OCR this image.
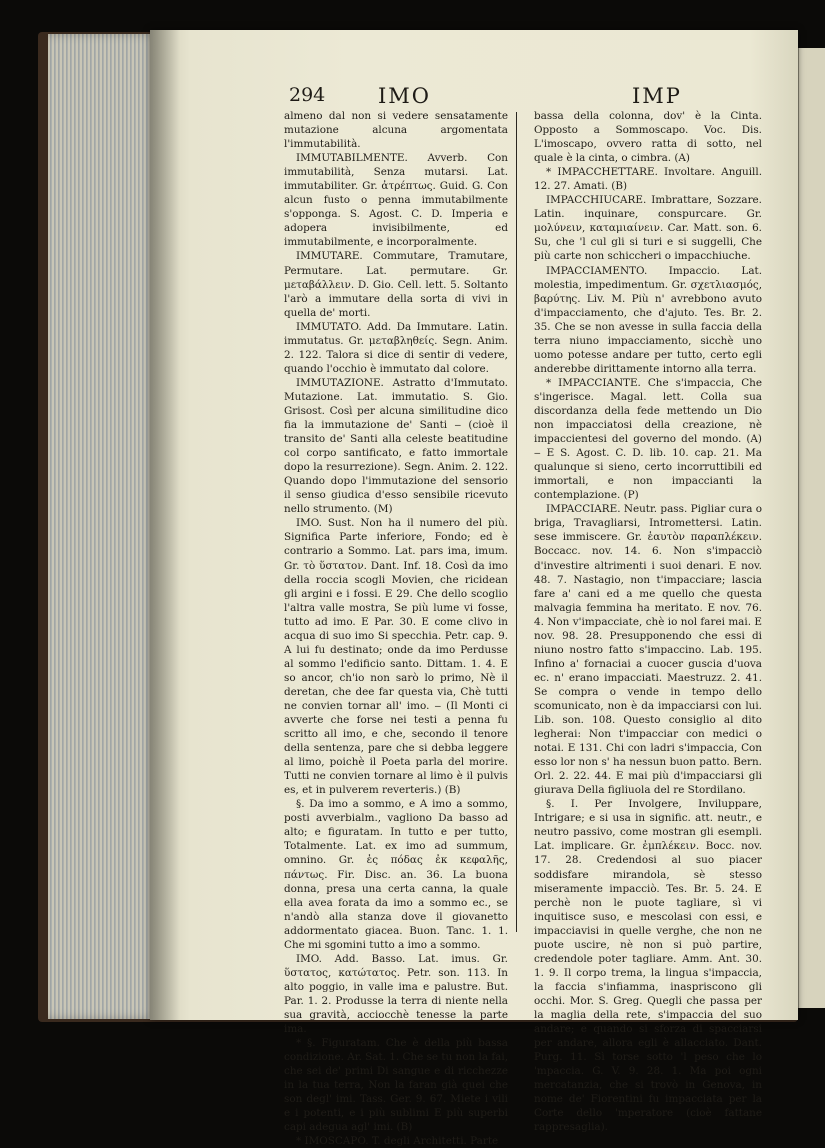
294	IMO	IMP

almeno dal non si vedere sensatamente mutazione alcuna argomentata l'immutabilità.

IMMUTABILMENTE. Avverb. Con immutabilità, Senza mutarsi. Lat. immutabiliter. Gr. ἀτρέπτως. Guid. G. Con alcun fusto o penna immutabilmente s'opponga. S. Agost. C. D. Imperia e adopera invisibilmente, ed immutabilmente, e incorporalmente.

IMMUTARE. Commutare, Tramutare, Permutare. Lat. permutare. Gr. μεταβάλλειν. D. Gio. Cell. lett. 5. Soltanto l'arò a immutare della sorta di vivi in quella de' morti.

IMMUTATO. Add. Da Immutare. Latin. immutatus. Gr. μεταβληθείς. Segn. Anim. 2. 122. Talora si dice di sentir di vedere, quando l'occhio è immutato dal colore.

IMMUTAZIONE. Astratto d'Immutato. Mutazione. Lat. immutatio. S. Gio. Grisost. Così per alcuna similitudine dico fia la immutazione de' Santi ‒ (cioè il transito de' Santi alla celeste beatitudine col corpo santificato, e fatto immortale dopo la resurrezione). Segn. Anim. 2. 122. Quando dopo l'immutazione del sensorio il senso giudica d'esso sensibile ricevuto nello strumento. (M)

IMO. Sust. Non ha il numero del più. Significa Parte inferiore, Fondo; ed è contrario a Sommo. Lat. pars ima, imum. Gr. τὸ ὕστατον. Dant. Inf. 18. Così da imo della roccia scogli Movien, che ricidean gli argini e i fossi. E 29. Che dello scoglio l'altra valle mostra, Se più lume vi fosse, tutto ad imo. E Par. 30. E come clivo in acqua di suo imo Si specchia. Petr. cap. 9. A lui fu destinato; onde da imo Perdusse al sommo l'edificio santo. Dittam. 1. 4. E so ancor, ch'io non sarò lo primo, Nè il deretan, che dee far questa via, Chè tutti ne convien tornar all' imo. ‒ (Il Monti ci avverte che forse nei testi a penna fu scritto all imo, e che, secondo il tenore della sentenza, pare che si debba leggere al limo, poichè il Poeta parla del morire. Tutti ne convien tornare al limo è il pulvis es, et in pulverem reverteris.) (B)

§. Da imo a sommo, e A imo a sommo, posti avverbialm., vagliono Da basso ad alto; e figuratam. In tutto e per tutto, Totalmente. Lat. ex imo ad summum, omnino. Gr. ἐς πόδας ἐκ κεφαλῆς, πάντως. Fir. Disc. an. 36. La buona donna, presa una certa canna, la quale ella avea forata da imo a sommo ec., se n'andò alla stanza dove il giovanetto addormentato giacea. Buon. Tanc. 1. 1. Che mi sgomini tutto a imo a sommo.

IMO. Add. Basso. Lat. imus. Gr. ὕστατος, κατώτατος. Petr. son. 113. In alto poggio, in valle ima e palustre. But. Par. 1. 2. Produsse la terra di niente nella sua gravità, acciocchè tenesse la parte ima.

* §. Figuratam. Che è della più bassa condizione. Ar. Sat. 1. Che se tu non la fai, che sei de' primi Di sangue e di ricchezze in la tua terra, Non la faran già quei che son degl' imi. Tass. Ger. 9. 67. Miete i vili e i potenti, e i più sublimi E più superbi capi adegua agl' imi. (B)

* IMOSCAPO. T. degli Architetti. Parte

bassa della colonna, dov' è la Cinta. Opposto a Sommoscapo. Voc. Dis. L'imoscapo, ovvero ratta di sotto, nel quale è la cinta, o cimbra. (A)

* IMPACCHETTARE. Involtare. Anguill. 12. 27. Amati. (B)

IMPACCHIUCARE. Imbrattare, Sozzare. Latin. inquinare, conspurcare. Gr. μολύνειν, καταμιαίνειν. Car. Matt. son. 6. Su, che 'l cul gli si turi e si suggelli, Che più carte non schiccheri o impacchiuche.

IMPACCIAMENTO. Impaccio. Lat. molestia, impedimentum. Gr. σχετλιασμός, βαρύτης. Liv. M. Più n' avrebbono avuto d'impacciamento, che d'ajuto. Tes. Br. 2. 35. Che se non avesse in sulla faccia della terra niuno impacciamento, sicchè uno uomo potesse andare per tutto, certo egli anderebbe dirittamente intorno alla terra.

* IMPACCIANTE. Che s'impaccia, Che s'ingerisce. Magal. lett. Colla sua discordanza della fede mettendo un Dio non impacciatosi della creazione, nè impaccientesi del governo del mondo. (A) ‒ E S. Agost. C. D. lib. 10. cap. 21. Ma qualunque si sieno, certo incorruttibili ed immortali, e non impaccianti la contemplazione. (P)

IMPACCIARE. Neutr. pass. Pigliar cura o briga, Travagliarsi, Intromettersi. Latin. sese immiscere. Gr. ἑαυτὸν παραπλέκειν. Boccacc. nov. 14. 6. Non s'impacciò d'investire altrimenti i suoi denari. E nov. 48. 7. Nastagio, non t'impacciare; lascia fare a' cani ed a me quello che questa malvagia femmina ha meritato. E nov. 76. 4. Non v'impacciate, chè io nol farei mai. E nov. 98. 28. Presupponendo che essi di niuno nostro fatto s'impaccino. Lab. 195. Infino a' fornaciai a cuocer guscia d'uova ec. n' erano impacciati. Maestruzz. 2. 41. Se compra o vende in tempo dello scomunicato, non è da impacciarsi con lui. Lib. son. 108. Questo consiglio al dito legherai: Non t'impacciar con medici o notai. E 131. Chi con ladri s'impaccia, Con esso lor non s' ha nessun buon patto. Bern. Orl. 2. 22. 44. E mai più d'impacciarsi gli giurava Della figliuola del re Stordilano.

§. I. Per Involgere, Inviluppare, Intrigare; e si usa in signific. att. neutr., e neutro passivo, come mostran gli esempli. Lat. implicare. Gr. ἐμπλέκειν. Bocc. nov. 17. 28. Credendosi al suo piacer soddisfare mirandola, sè stesso miseramente impacciò. Tes. Br. 5. 24. E perchè non le puote tagliare, sì vi inquitisce suso, e mescolasi con essi, e impacciavisi in quelle verghe, che non ne puote uscire, nè non si può partire, credendole poter tagliare. Amm. Ant. 30. 1. 9. Il corpo trema, la lingua s'impaccia, la faccia s'infiamma, inaspriscono gli occhi. Mor. S. Greg. Quegli che passa per la maglia della rete, s'impaccia del suo andare; e quando si sforza di spacciarsi per andare, allora egli è allacciato. Dant. Purg. 11. Sì torse sotto 'l peso che lo 'mpaccia. G. V. 9. 28. 1. Ma poi ogni mercatanzia, che si trovò in Genova, in nome de' Fiorentini fu impacciata per la Corte dello 'mperatore (cioè fattane rappresaglia).
